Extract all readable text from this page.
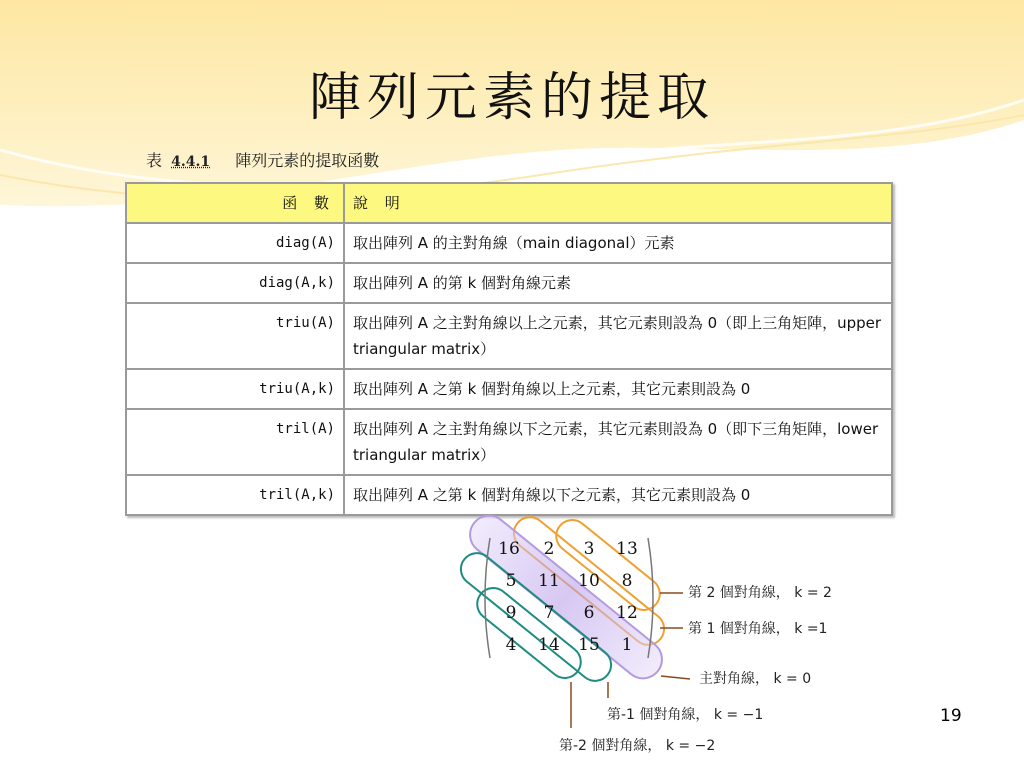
陣列元素的提取
表 4.4.1 陣列元素的提取函數
函 數	說 明
diag(A)	取出陣列 A 的主對角線（main diagonal）元素
diag(A,k)	取出陣列 A 的第 k 個對角線元素
triu(A)	取出陣列 A 之主對角線以上之元素，其它元素則設為 0（即上三角矩陣，upper triangular matrix）
triu(A,k)	取出陣列 A 之第 k 個對角線以上之元素，其它元素則設為 0
tril(A)	取出陣列 A 之主對角線以下之元素，其它元素則設為 0（即下三角矩陣，lower triangular matrix）
tril(A,k)	取出陣列 A 之第 k 個對角線以下之元素，其它元素則設為 0
16 2 3 13
5 11 10 8
9 7 6 12
4 14 15 1
第 2 個對角線， k = 2
第 1 個對角線， k =1
主對角線， k = 0
第-1 個對角線， k = −1
第-2 個對角線， k = −2
19
